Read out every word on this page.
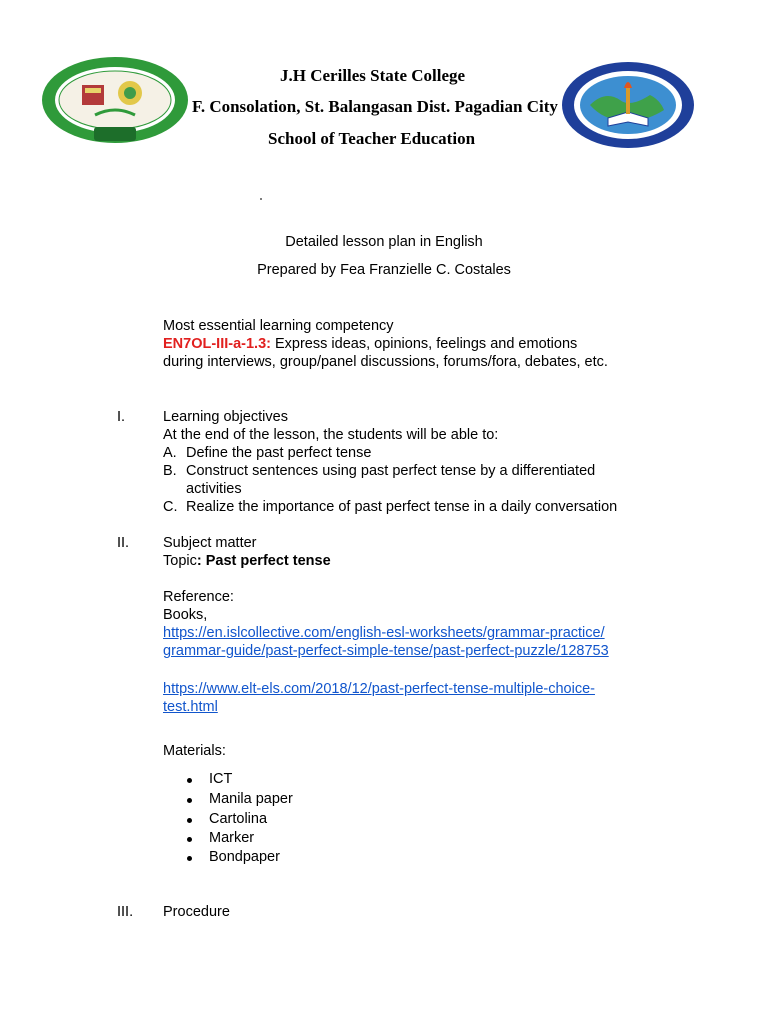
J.H Cerilles State College
F. Consolation, St. Balangasan Dist. Pagadian City
School of Teacher Education
Detailed lesson plan in English
Prepared by Fea Franzielle C. Costales
Most essential learning competency
EN7OL-III-a-1.3: Express ideas, opinions, feelings and emotions
during interviews, group/panel discussions, forums/fora, debates, etc.
I.	Learning objectives
At the end of the lesson, the students will be able to:
A. Define the past perfect tense
B. Construct sentences using past perfect tense by a differentiated
activities
C. Realize the importance of past perfect tense in a daily conversation
II. Subject matter
Topic: Past perfect tense
Reference:
Books,
https://en.islcollective.com/english-esl-worksheets/grammar-practice/
grammar-guide/past-perfect-simple-tense/past-perfect-puzzle/128753
https://www.elt-els.com/2018/12/past-perfect-tense-multiple-choice-
test.html
Materials:
ICT
Manila paper
Cartolina
Marker
Bondpaper
III. Procedure
